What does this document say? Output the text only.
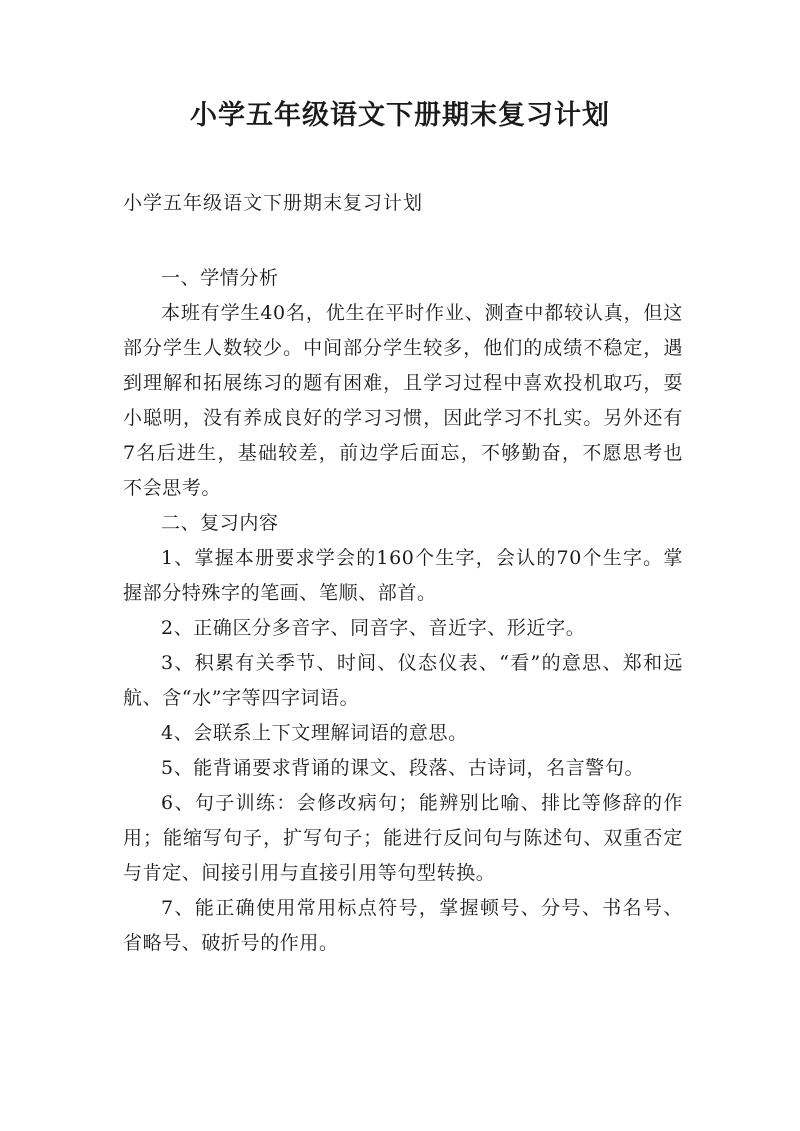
小学五年级语文下册期末复习计划

小学五年级语文下册期末复习计划

一、学情分析

本班有学生40名，优生在平时作业、测查中都较认真，但这部分学生人数较少。中间部分学生较多，他们的成绩不稳定，遇到理解和拓展练习的题有困难，且学习过程中喜欢投机取巧，耍小聪明，没有养成良好的学习习惯，因此学习不扎实。另外还有7名后进生，基础较差，前边学后面忘，不够勤奋，不愿思考也不会思考。

二、复习内容

1、掌握本册要求学会的160个生字，会认的70个生字。掌握部分特殊字的笔画、笔顺、部首。

2、正确区分多音字、同音字、音近字、形近字。

3、积累有关季节、时间、仪态仪表、“看”的意思、郑和远航、含“水”字等四字词语。

4、会联系上下文理解词语的意思。

5、能背诵要求背诵的课文、段落、古诗词，名言警句。

6、句子训练：会修改病句；能辨别比喻、排比等修辞的作用；能缩写句子，扩写句子；能进行反问句与陈述句、双重否定与肯定、间接引用与直接引用等句型转换。

7、能正确使用常用标点符号，掌握顿号、分号、书名号、省略号、破折号的作用。
